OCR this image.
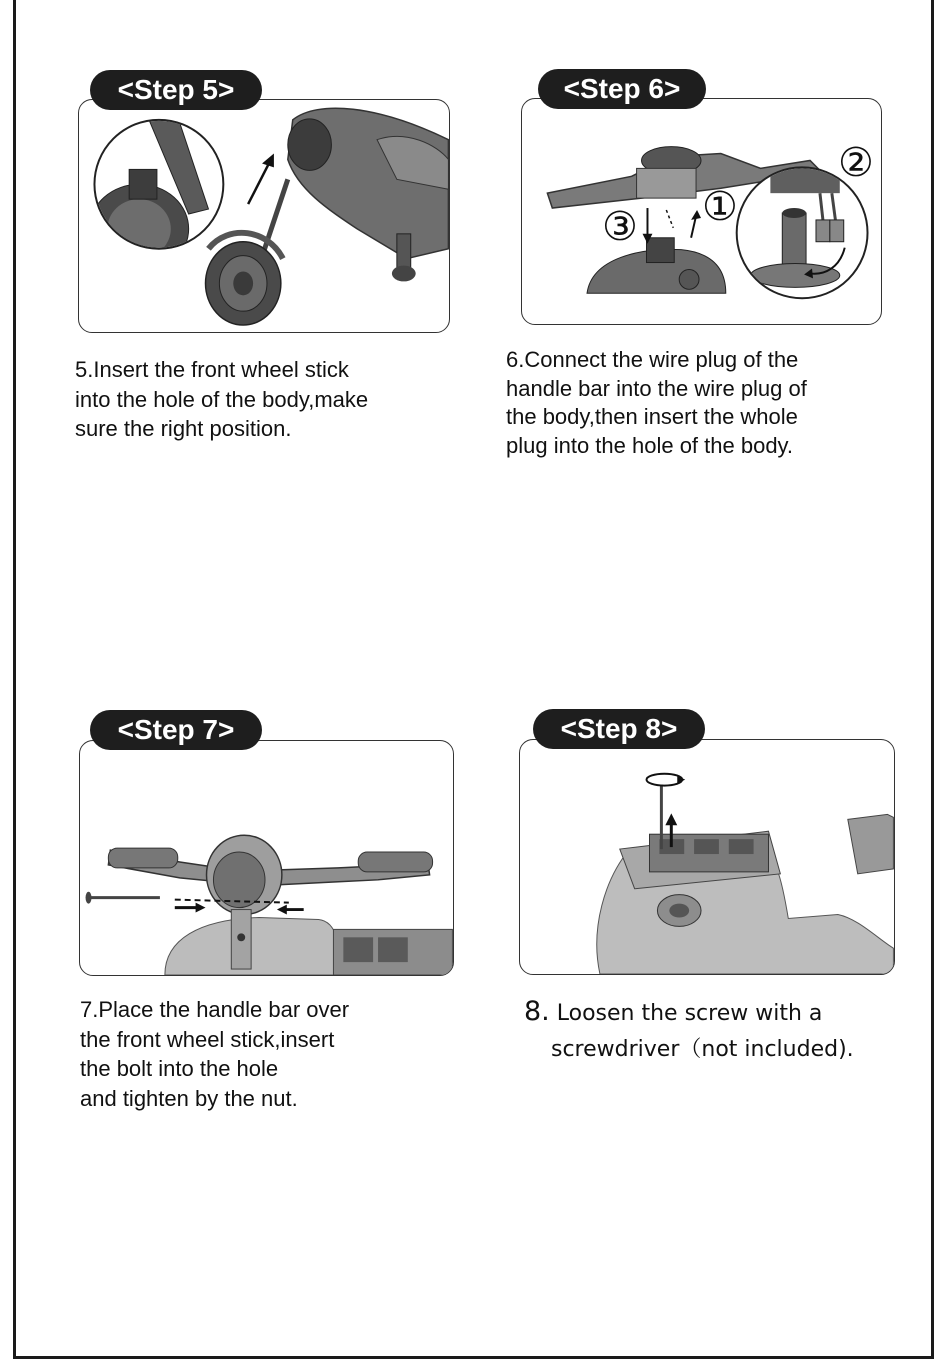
<Step 5>
5.Insert the front wheel stick
into the hole of the body,make
sure the right position.
①
②
③
<Step 6>
6.Connect the wire plug of the
handle bar into the wire plug of
the body,then insert the whole
plug into the hole of the body.
<Step 7>
7.Place the handle bar over
the front wheel stick,insert
the bolt into the hole
and tighten by the nut.
<Step 8>
8. Loosen the screw with a
screwdriver（not included).
